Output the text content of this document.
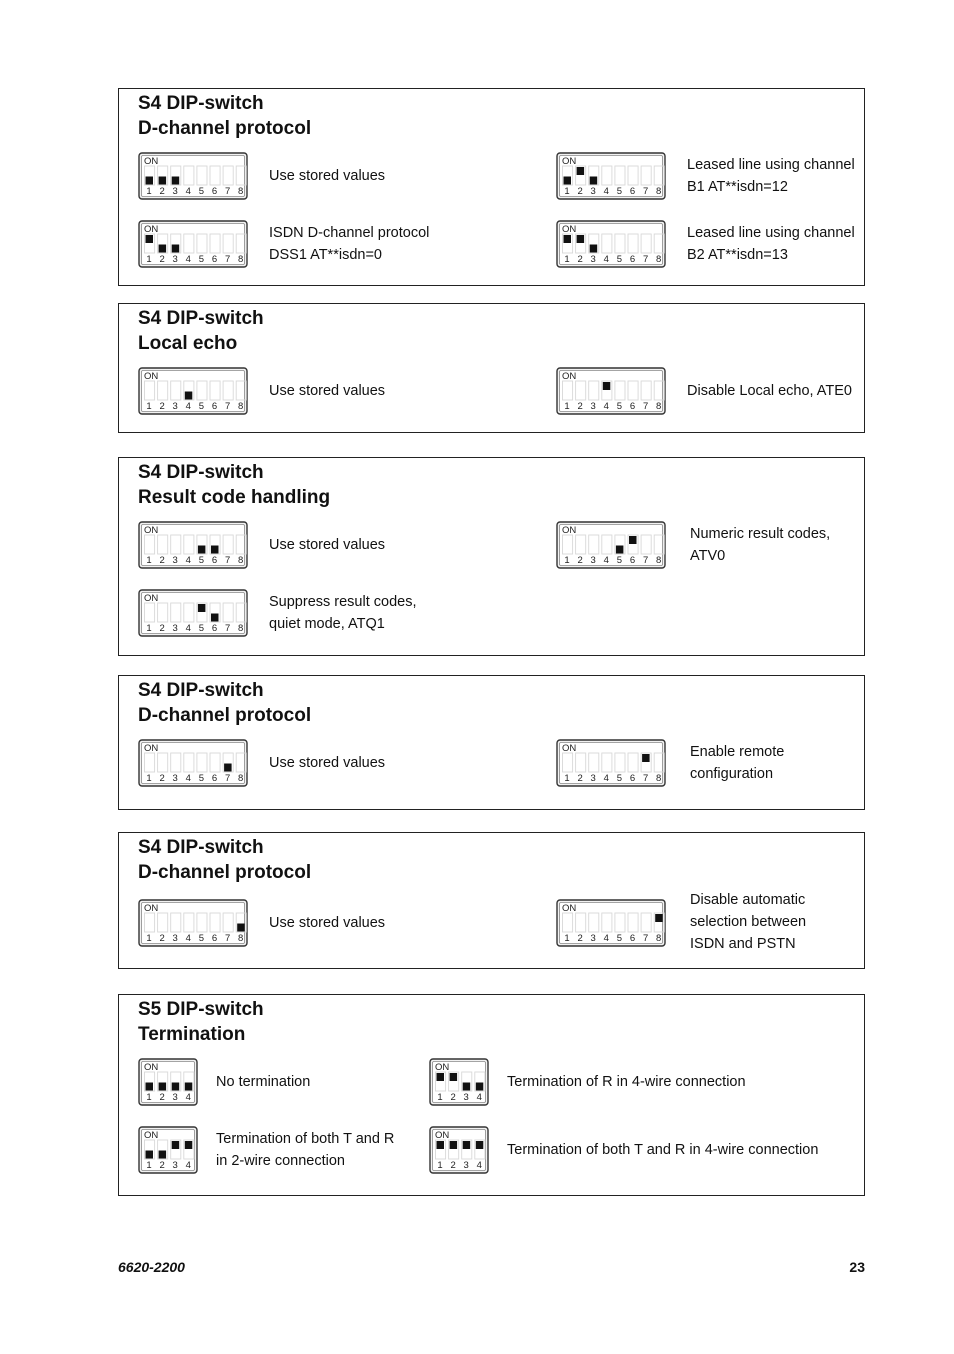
S4 DIP-switch
D-channel protocol
ON
1 2 3 4 5 6 7 8
Use stored values
ON
1 2 3 4 5 6 7 8
Leased line using channel
B1 AT**isdn=12
ON
1 2 3 4 5 6 7 8
ISDN D-channel protocol
DSS1 AT**isdn=0
ON
1 2 3 4 5 6 7 8
Leased line using channel
B2 AT**isdn=13
S4 DIP-switch
Local echo
ON
1 2 3 4 5 6 7 8
Use stored values
ON
1 2 3 4 5 6 7 8
Disable Local echo, ATE0
S4 DIP-switch
Result code handling
ON
1 2 3 4 5 6 7 8
Use stored values
ON
1 2 3 4 5 6 7 8
Numeric result codes,
ATV0
ON
1 2 3 4 5 6 7 8
Suppress result codes,
quiet mode, ATQ1
S4 DIP-switch
D-channel protocol
ON
1 2 3 4 5 6 7 8
Use stored values
ON
1 2 3 4 5 6 7 8
Enable remote
configuration
S4 DIP-switch
D-channel protocol
ON
1 2 3 4 5 6 7 8
Use stored values
ON
1 2 3 4 5 6 7 8
Disable automatic
selection between
ISDN and PSTN
S5 DIP-switch
Termination
ON
1 2 3 4
No termination
ON
1 2 3 4
Termination of R in 4-wire connection
ON
1 2 3 4
Termination of both T and R
in 2-wire connection
ON
1 2 3 4
Termination of both T and R in 4-wire connection
6620-2200	23
